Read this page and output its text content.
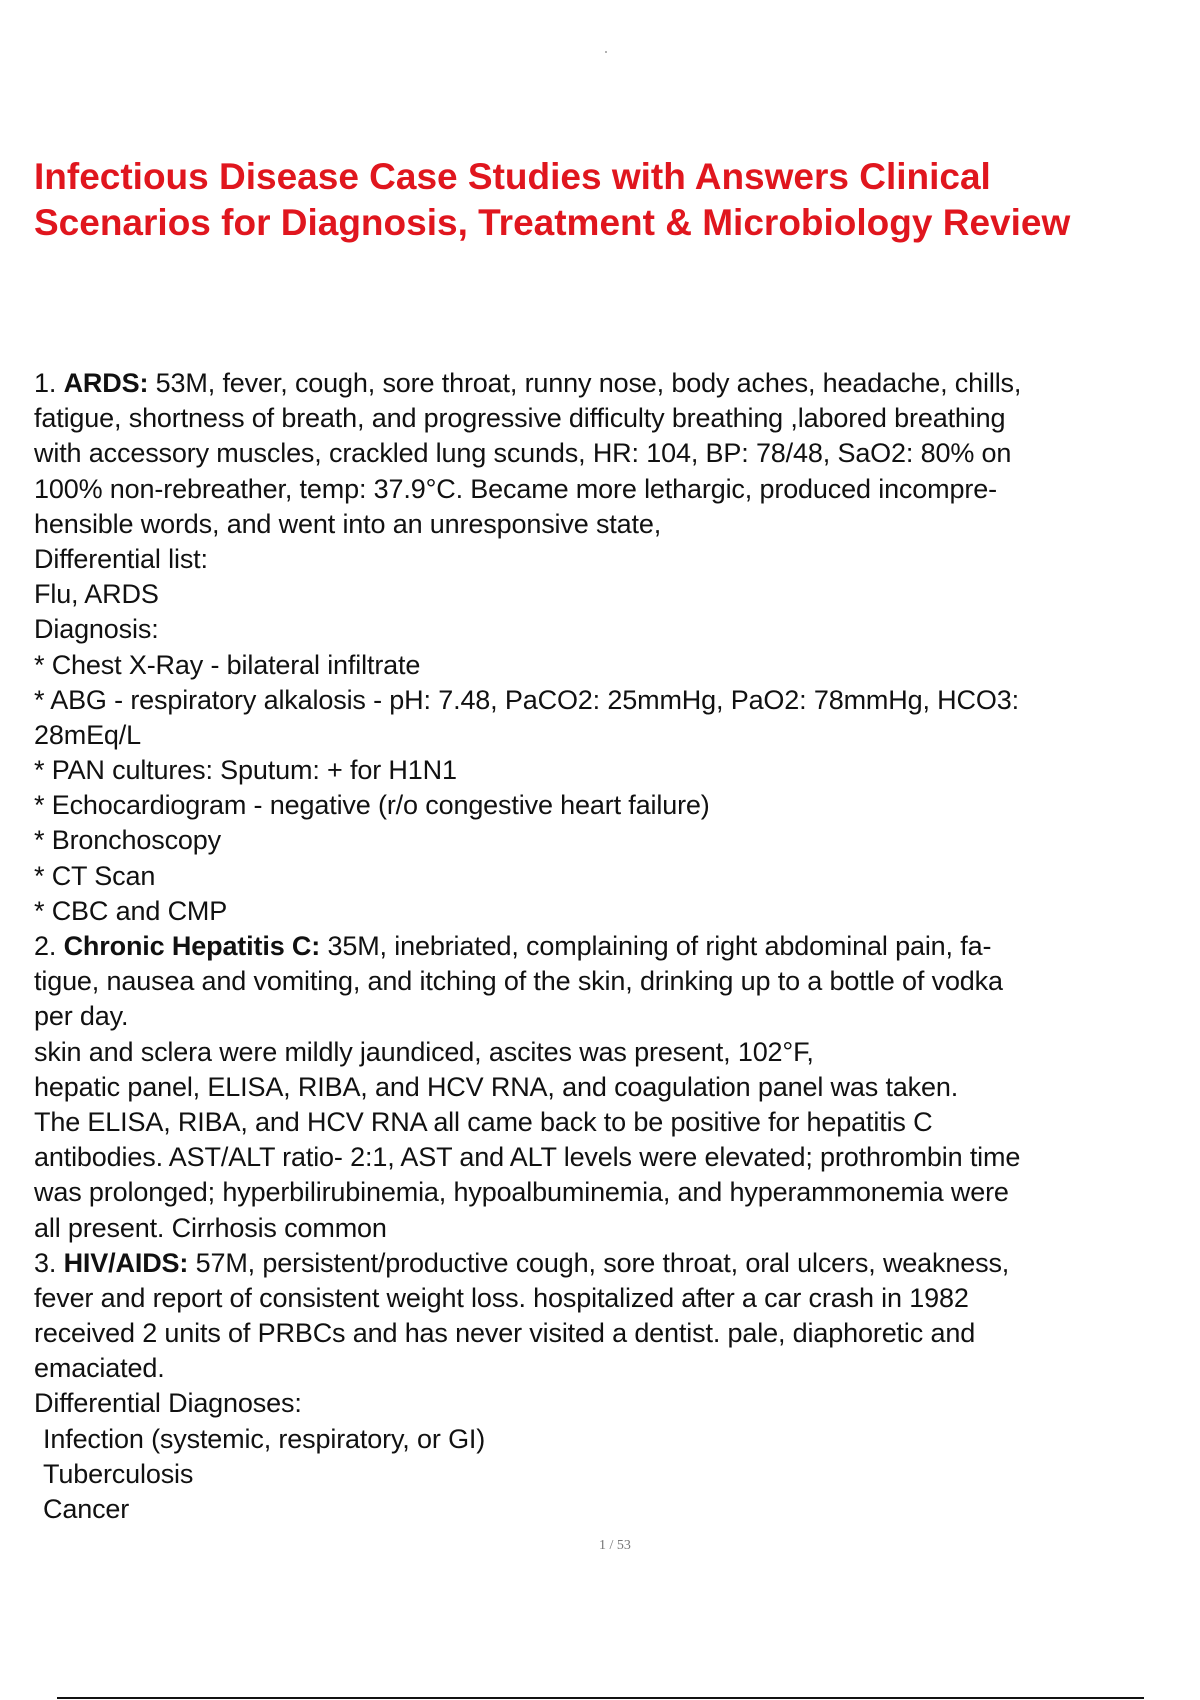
Infectious Disease Case Studies with Answers Clinical Scenarios for Diagnosis, Treatment & Microbiology Review
1. ARDS: 53M, fever, cough, sore throat, runny nose, body aches, headache, chills,
fatigue, shortness of breath, and progressive difficulty breathing ,labored breathing
with accessory muscles, crackled lung scunds, HR: 104, BP: 78/48, SaO2: 80% on
100% non-rebreather, temp: 37.9°C. Became more lethargic, produced incompre-
hensible words, and went into an unresponsive state,
Differential list:
Flu, ARDS
Diagnosis:
* Chest X-Ray - bilateral infiltrate
* ABG - respiratory alkalosis - pH: 7.48, PaCO2: 25mmHg, PaO2: 78mmHg, HCO3:
28mEq/L
* PAN cultures: Sputum: + for H1N1
* Echocardiogram - negative (r/o congestive heart failure)
* Bronchoscopy
* CT Scan
* CBC and CMP
2. Chronic Hepatitis C: 35M, inebriated, complaining of right abdominal pain, fa-
tigue, nausea and vomiting, and itching of the skin, drinking up to a bottle of vodka
per day.
skin and sclera were mildly jaundiced, ascites was present, 102°F,
hepatic panel, ELISA, RIBA, and HCV RNA, and coagulation panel was taken.
The ELISA, RIBA, and HCV RNA all came back to be positive for hepatitis C
antibodies. AST/ALT ratio- 2:1, AST and ALT levels were elevated; prothrombin time
was prolonged; hyperbilirubinemia, hypoalbuminemia, and hyperammonemia were
all present. Cirrhosis common
3. HIV/AIDS: 57M, persistent/productive cough, sore throat, oral ulcers, weakness,
fever and report of consistent weight loss. hospitalized after a car crash in 1982
received 2 units of PRBCs and has never visited a dentist. pale, diaphoretic and
emaciated.
Differential Diagnoses:
Infection (systemic, respiratory, or GI)
Tuberculosis
Cancer
1 / 53
